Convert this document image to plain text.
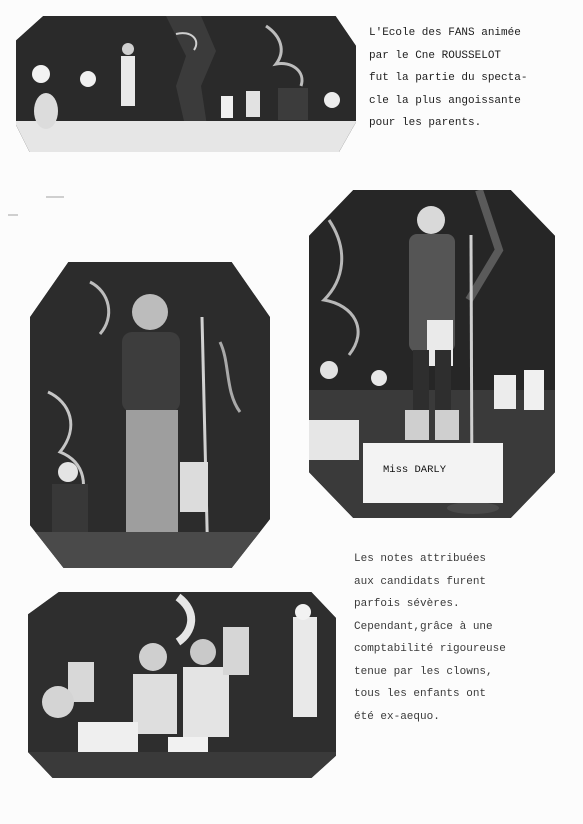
L'Ecole des FANS animée
par le Cne ROUSSELOT
fut la partie du specta-
cle la plus angoissante
pour les parents.
Miss DARLY
Les notes attribuées
aux candidats furent
parfois sévères.
Cependant,grâce à une
comptabilité rigoureuse
tenue par les clowns,
tous les enfants ont
été ex-aequo.
